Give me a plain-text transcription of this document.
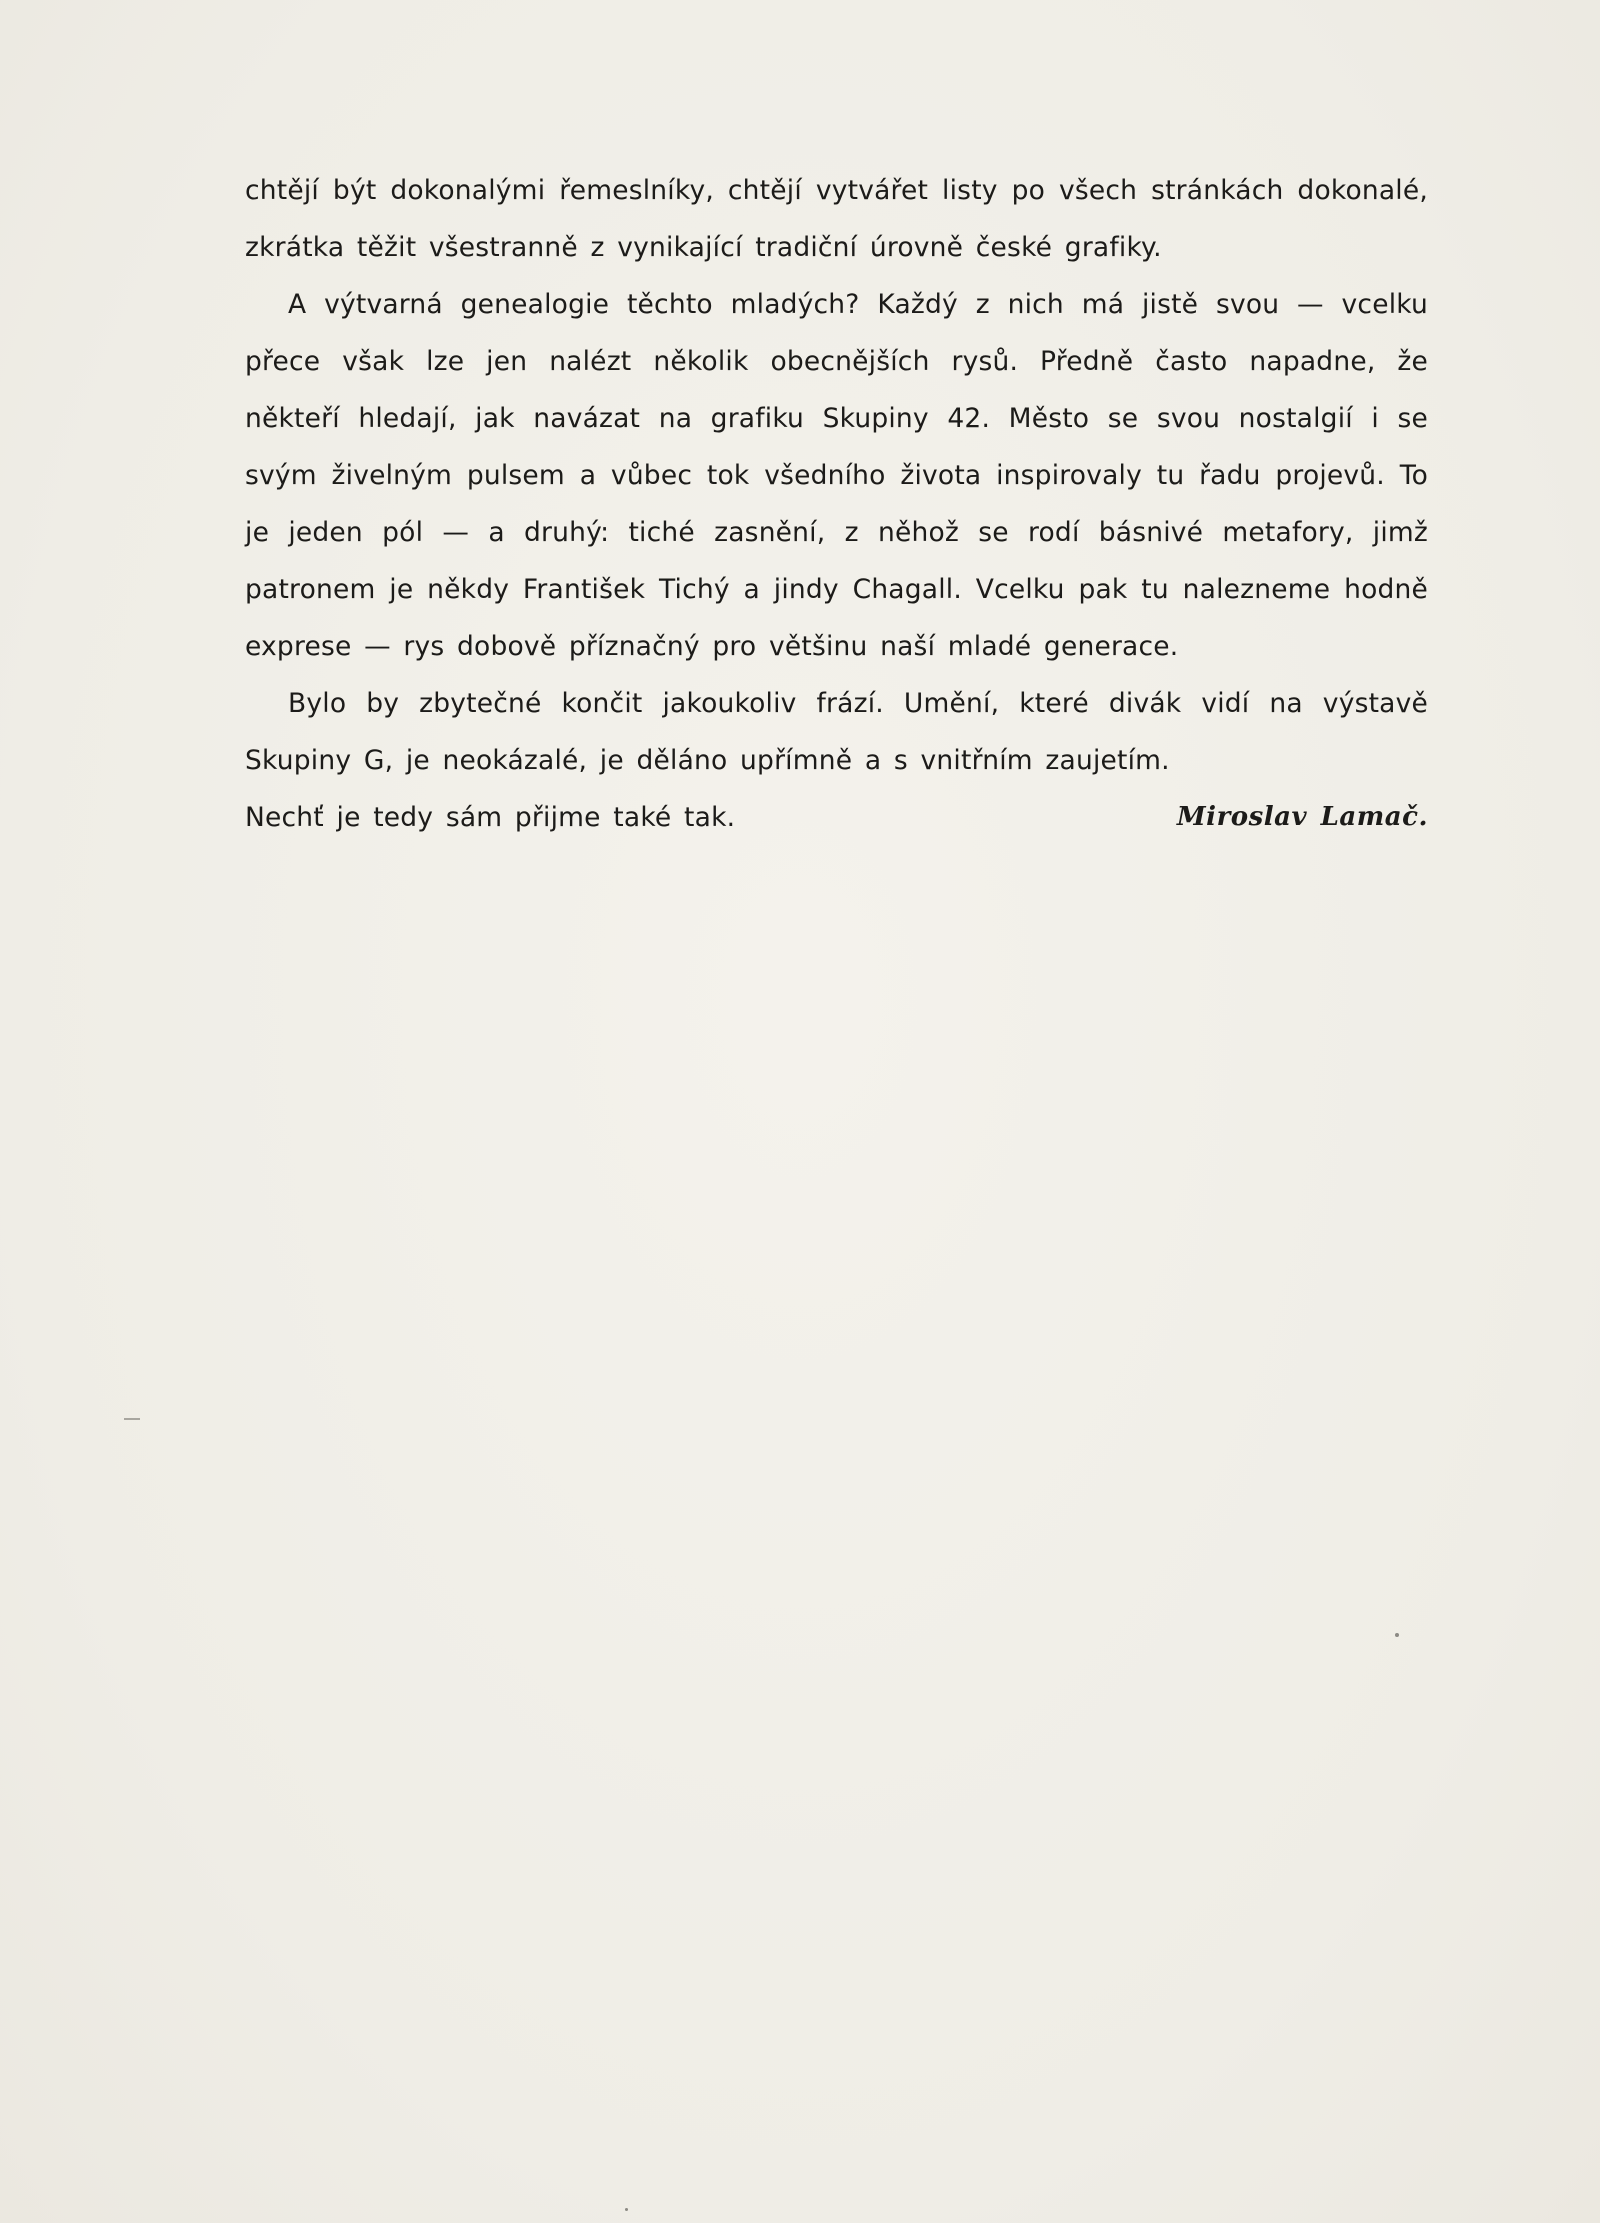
chtějí být dokonalými řemeslníky, chtějí vytvářet listy po všech stránkách dokonalé, zkrátka těžit všestranně z vynikající tradiční úrovně české grafiky.

A výtvarná genealogie těchto mladých? Každý z nich má jistě svou — vcelku přece však lze jen nalézt několik obecnějších rysů. Předně často napadne, že někteří hledají, jak navázat na grafiku Skupiny 42. Město se svou nostalgií i se svým živelným pulsem a vůbec tok všedního života inspirovaly tu řadu projevů. To je jeden pól — a druhý: tiché zasnění, z něhož se rodí básnivé metafory, jimž patronem je někdy František Tichý a jindy Chagall. Vcelku pak tu nalezneme hodně exprese — rys dobově příznačný pro většinu naší mladé generace.

Bylo by zbytečné končit jakoukoliv frází. Umění, které divák vidí na výstavě Skupiny G, je neokázalé, je děláno upřímně a s vnitřním zaujetím.

Nechť je tedy sám přijme také tak.	Miroslav Lamač.
